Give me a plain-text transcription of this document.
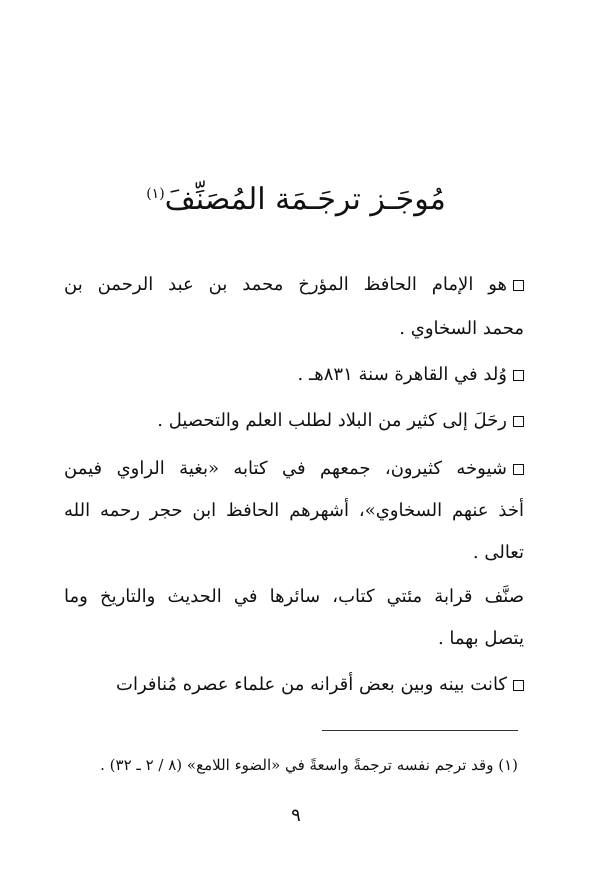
مُوجَـز ترجَـمَة المُصَنِّفَ$^{(١)}$
هو الإمام الحافظ المؤرخ محمد بن عبد الرحمن بن
محمد السخاوي .
وُلد في القاهرة سنة ٨٣١هـ .
رحَلَ إلى كثير من البلاد لطلب العلم والتحصيل .
شيوخه كثيرون، جمعهم في كتابه «بغية الراوي فيمن
أخذ عنهم السخاوي»، أشهرهم الحافظ ابن حجر رحمه الله
تعالى .
صنَّف قرابة مئتي كتاب، سائرها في الحديث والتاريخ وما
يتصل بهما .
كانت بينه وبين بعض أقرانه من علماء عصره مُنافرات
(١) وقد ترجم نفسه ترجمةً واسعةً في «الضوء اللامع» (٨ / ٢ ـ ٣٢) .
٩
